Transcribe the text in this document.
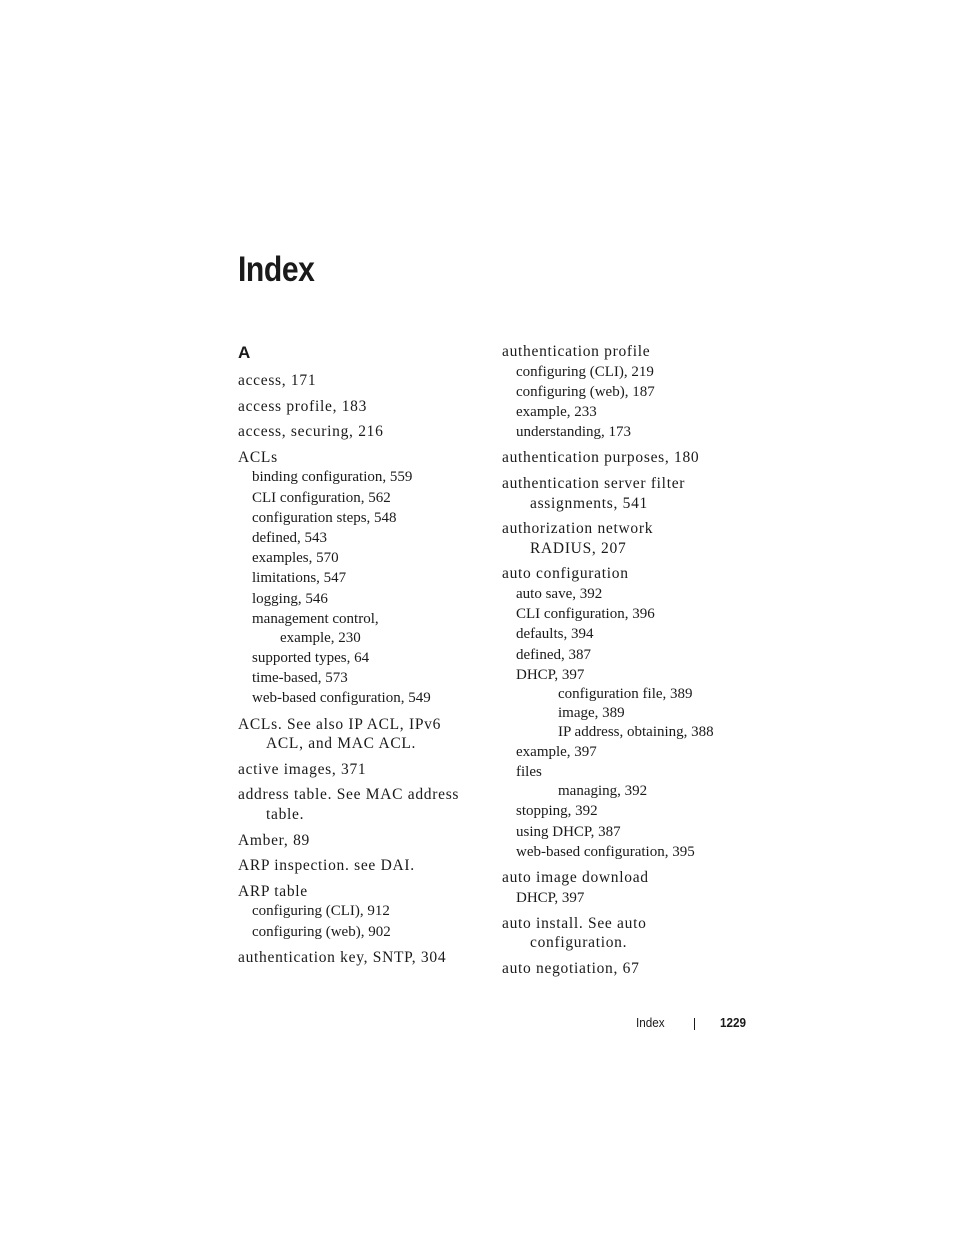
Index
A
access, 171
access profile, 183
access, securing, 216
ACLs
binding configuration, 559
CLI configuration, 562
configuration steps, 548
defined, 543
examples, 570
limitations, 547
logging, 546
management control,
example, 230
supported types, 64
time-based, 573
web-based configuration, 549
ACLs. See also IP ACL, IPv6
ACL, and MAC ACL.
active images, 371
address table. See MAC address
table.
Amber, 89
ARP inspection. see DAI.
ARP table
configuring (CLI), 912
configuring (web), 902
authentication key, SNTP, 304
authentication profile
configuring (CLI), 219
configuring (web), 187
example, 233
understanding, 173
authentication purposes, 180
authentication server filter
assignments, 541
authorization network
RADIUS, 207
auto configuration
auto save, 392
CLI configuration, 396
defaults, 394
defined, 387
DHCP, 397
configuration file, 389
image, 389
IP address, obtaining, 388
example, 397
files
managing, 392
stopping, 392
using DHCP, 387
web-based configuration, 395
auto image download
DHCP, 397
auto install. See auto
configuration.
auto negotiation, 67
Index	1229
